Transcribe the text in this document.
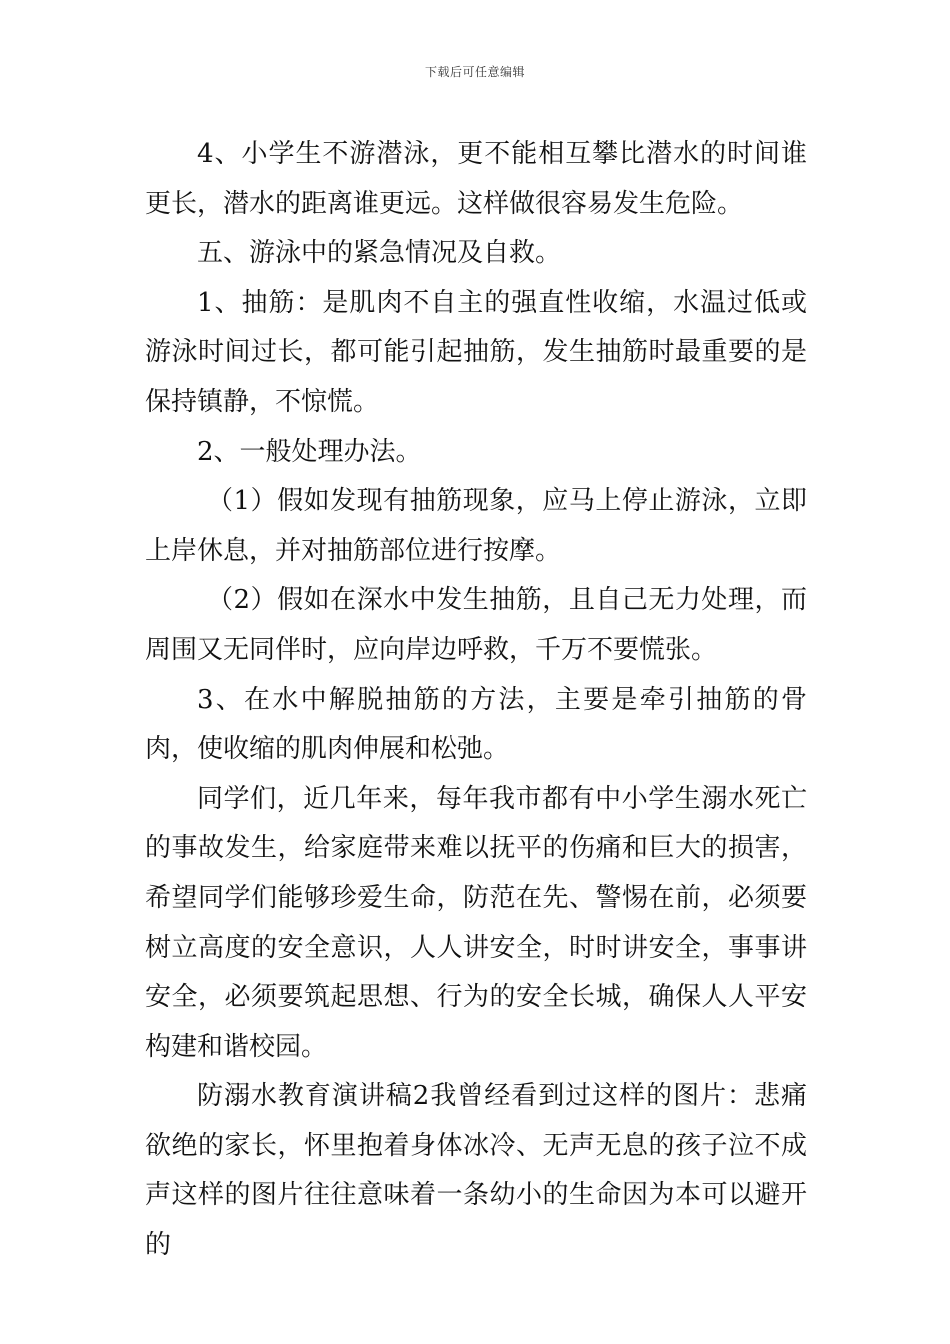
下载后可任意编辑

4、小学生不游潜泳，更不能相互攀比潜水的时间谁更长，潜水的距离谁更远。这样做很容易发生危险。

五、游泳中的紧急情况及自救。

1、抽筋：是肌肉不自主的强直性收缩，水温过低或游泳时间过长，都可能引起抽筋，发生抽筋时最重要的是保持镇静，不惊慌。

2、一般处理办法。

（1）假如发现有抽筋现象，应马上停止游泳，立即上岸休息，并对抽筋部位进行按摩。

（2）假如在深水中发生抽筋，且自己无力处理，而周围又无同伴时，应向岸边呼救，千万不要慌张。

3、在水中解脱抽筋的方法，主要是牵引抽筋的骨肉，使收缩的肌肉伸展和松弛。

同学们，近几年来，每年我市都有中小学生溺水死亡的事故发生，给家庭带来难以抚平的伤痛和巨大的损害，希望同学们能够珍爱生命，防范在先、警惕在前，必须要树立高度的安全意识，人人讲安全，时时讲安全，事事讲安全，必须要筑起思想、行为的安全长城，确保人人平安构建和谐校园。

防溺水教育演讲稿2我曾经看到过这样的图片：悲痛欲绝的家长，怀里抱着身体冰冷、无声无息的孩子泣不成声这样的图片往往意味着一条幼小的生命因为本可以避开的
